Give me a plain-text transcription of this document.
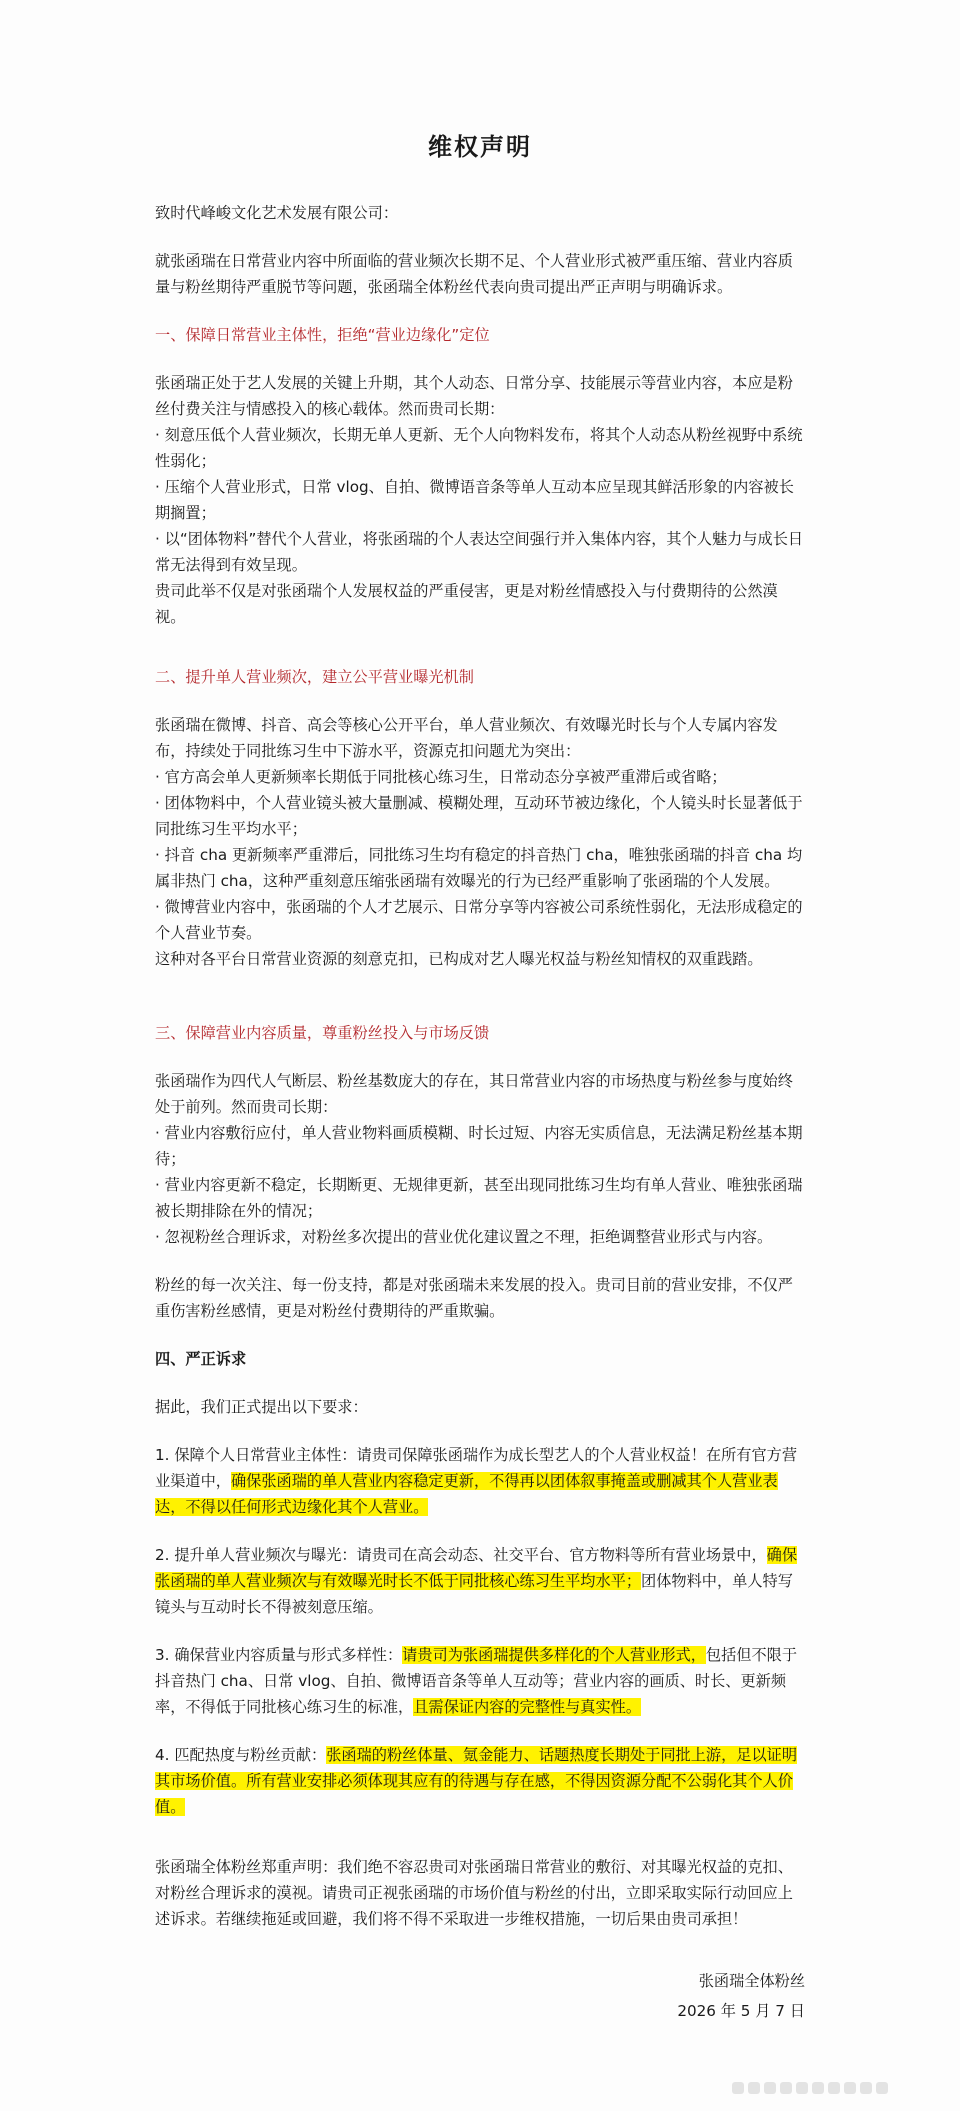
维权声明

致时代峰峻文化艺术发展有限公司：

就张函瑞在日常营业内容中所面临的营业频次长期不足、个人营业形式被严重压缩、营业内容质量与粉丝期待严重脱节等问题，张函瑞全体粉丝代表向贵司提出严正声明与明确诉求。

一、保障日常营业主体性，拒绝“营业边缘化”定位

张函瑞正处于艺人发展的关键上升期，其个人动态、日常分享、技能展示等营业内容，本应是粉丝付费关注与情感投入的核心载体。然而贵司长期：

· 刻意压低个人营业频次，长期无单人更新、无个人向物料发布，将其个人动态从粉丝视野中系统性弱化；

· 压缩个人营业形式，日常 vlog、自拍、微博语音条等单人互动本应呈现其鲜活形象的内容被长期搁置；

· 以“团体物料”替代个人营业，将张函瑞的个人表达空间强行并入集体内容，其个人魅力与成长日常无法得到有效呈现。

贵司此举不仅是对张函瑞个人发展权益的严重侵害，更是对粉丝情感投入与付费期待的公然漠视。

二、提升单人营业频次，建立公平营业曝光机制

张函瑞在微博、抖音、高会等核心公开平台，单人营业频次、有效曝光时长与个人专属内容发布，持续处于同批练习生中下游水平，资源克扣问题尤为突出：

· 官方高会单人更新频率长期低于同批核心练习生，日常动态分享被严重滞后或省略；

· 团体物料中，个人营业镜头被大量删减、模糊处理，互动环节被边缘化，个人镜头时长显著低于同批练习生平均水平；

· 抖音 cha 更新频率严重滞后，同批练习生均有稳定的抖音热门 cha，唯独张函瑞的抖音 cha 均属非热门 cha，这种严重刻意压缩张函瑞有效曝光的行为已经严重影响了张函瑞的个人发展。

· 微博营业内容中，张函瑞的个人才艺展示、日常分享等内容被公司系统性弱化，无法形成稳定的个人营业节奏。

这种对各平台日常营业资源的刻意克扣，已构成对艺人曝光权益与粉丝知情权的双重践踏。

三、保障营业内容质量，尊重粉丝投入与市场反馈

张函瑞作为四代人气断层、粉丝基数庞大的存在，其日常营业内容的市场热度与粉丝参与度始终处于前列。然而贵司长期：

· 营业内容敷衍应付，单人营业物料画质模糊、时长过短、内容无实质信息，无法满足粉丝基本期待；

· 营业内容更新不稳定，长期断更、无规律更新，甚至出现同批练习生均有单人营业、唯独张函瑞被长期排除在外的情况；

· 忽视粉丝合理诉求，对粉丝多次提出的营业优化建议置之不理，拒绝调整营业形式与内容。

粉丝的每一次关注、每一份支持，都是对张函瑞未来发展的投入。贵司目前的营业安排，不仅严重伤害粉丝感情，更是对粉丝付费期待的严重欺骗。

四、严正诉求

据此，我们正式提出以下要求：

1. 保障个人日常营业主体性：请贵司保障张函瑞作为成长型艺人的个人营业权益！在所有官方营业渠道中，确保张函瑞的单人营业内容稳定更新，不得再以团体叙事掩盖或删减其个人营业表达，不得以任何形式边缘化其个人营业。

2. 提升单人营业频次与曝光：请贵司在高会动态、社交平台、官方物料等所有营业场景中，确保张函瑞的单人营业频次与有效曝光时长不低于同批核心练习生平均水平；团体物料中，单人特写镜头与互动时长不得被刻意压缩。

3. 确保营业内容质量与形式多样性：请贵司为张函瑞提供多样化的个人营业形式，包括但不限于抖音热门 cha、日常 vlog、自拍、微博语音条等单人互动等；营业内容的画质、时长、更新频率，不得低于同批核心练习生的标准，且需保证内容的完整性与真实性。

4. 匹配热度与粉丝贡献：张函瑞的粉丝体量、氪金能力、话题热度长期处于同批上游，足以证明其市场价值。所有营业安排必须体现其应有的待遇与存在感，不得因资源分配不公弱化其个人价值。

张函瑞全体粉丝郑重声明：我们绝不容忍贵司对张函瑞日常营业的敷衍、对其曝光权益的克扣、对粉丝合理诉求的漠视。请贵司正视张函瑞的市场价值与粉丝的付出，立即采取实际行动回应上述诉求。若继续拖延或回避，我们将不得不采取进一步维权措施，一切后果由贵司承担！

张函瑞全体粉丝

2026 年 5 月 7 日
